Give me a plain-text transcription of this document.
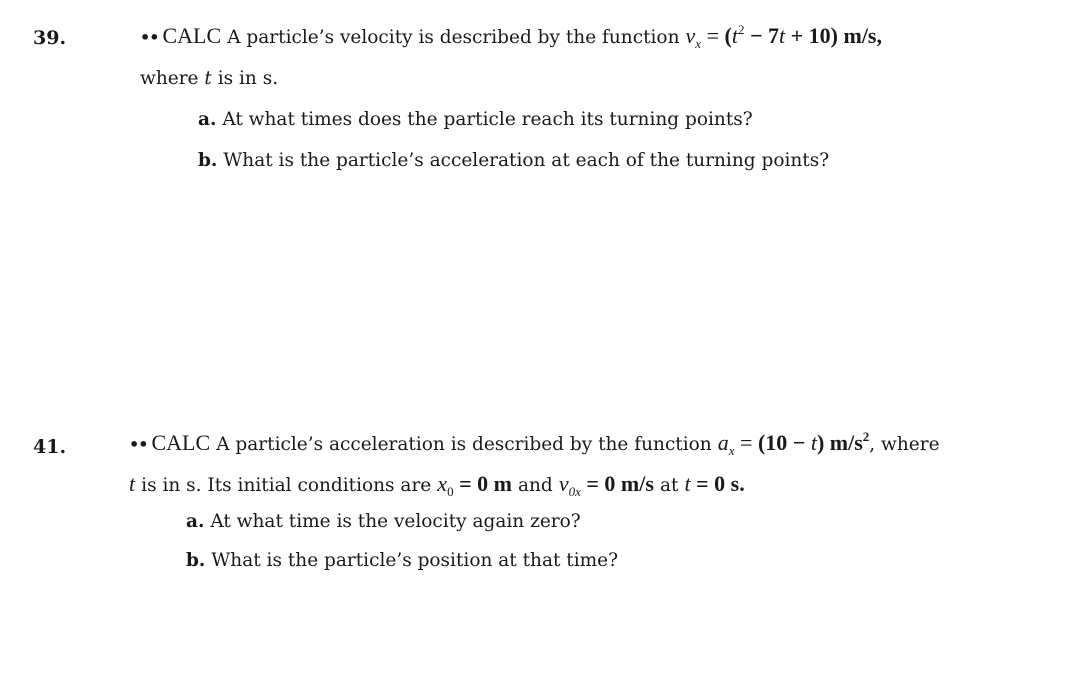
39.	•• CALC A particle’s velocity is described by the function $v_x = (t^2 - 7t + 10)$ m/s,
where t is in s.
a. At what times does the particle reach its turning points?
b. What is the particle’s acceleration at each of the turning points?
41.	•• CALC A particle’s acceleration is described by the function $a_x = (10 - t)$ $m/s^2$, where
t is in s. Its initial conditions are $x_0 = 0$ m and $v_{0x} = 0$ m/s at t = 0 s.
a. At what time is the velocity again zero?
b. What is the particle’s position at that time?
